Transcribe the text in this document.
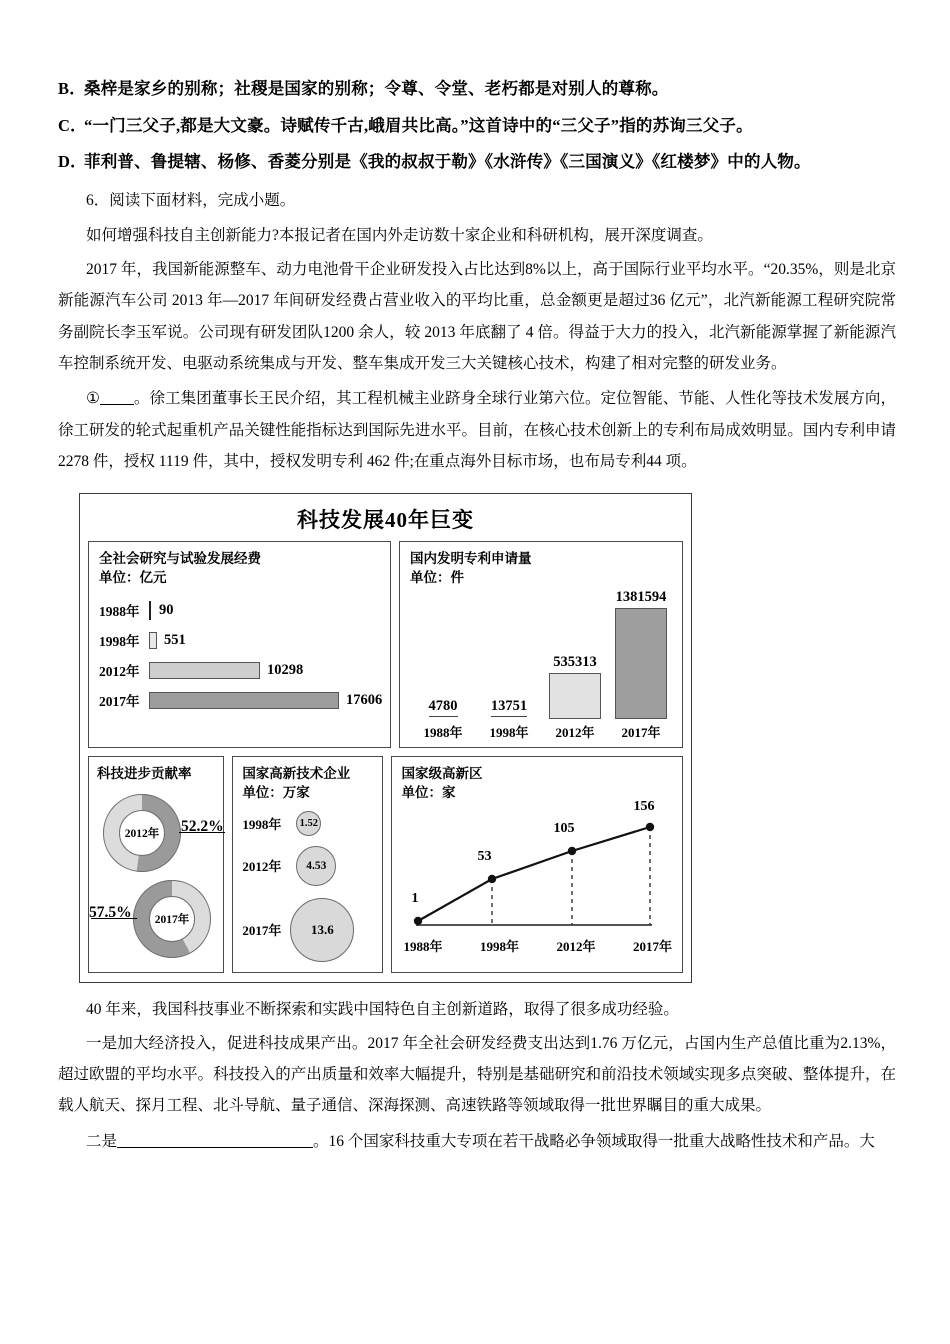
B．
桑梓是家乡的别称；社稷是国家的别称；令尊、令堂、老朽都是对别人的尊称。
C．
“一门三父子,都是大文豪。诗赋传千古,峨眉共比高。”这首诗中的“三父子”指的苏询三父子。
D．
菲利普、鲁提辖、杨修、香菱分别是《我的叔叔于勒》《水浒传》《三国演义》《红楼梦》中的人物。
6．阅读下面材料，完成小题。

如何增强科技自主创新能力?本报记者在国内外走访数十家企业和科研机构，展开深度调查。

2017 年，我国新能源整车、动力电池骨干企业研发投入占比达到8%以上，高于国际行业平均水平。“20.35%，则是北京新能源汽车公司 2013 年—2017 年间研发经费占营业收入的平均比重，总金额更是超过36 亿元”，北汽新能源工程研究院常务副院长李玉军说。公司现有研发团队1200 余人，较 2013 年底翻了 4 倍。得益于大力的投入，北汽新能源掌握了新能源汽车控制系统开发、电驱动系统集成与开发、整车集成开发三大关键核心技术，构建了相对完整的研发业务。

① 。徐工集团董事长王民介绍，其工程机械主业跻身全球行业第六位。定位智能、节能、人性化等技术发展方向，徐工研发的轮式起重机产品关键性能指标达到国际先进水平。目前，在核心技术创新上的专利布局成效明显。国内专利申请2278 件，授权 1119 件，其中，授权发明专利 462 件;在重点海外目标市场，也布局专利44 项。

科技发展40年巨变
全社会研究与试验发展经费
单位：亿元
1988年	90
1998年	551
2012年	10298
2017年	17606
国内发明专利申请量
单位：件
4780 13751
535313
1381594
1988年	1998年	2012年	2017年
科技进步贡献率
2012年	52.2%
2017年
57.5%
国家高新技术企业
单位：万家
1998年	1.52
2012年	4.53
2017年	13.6
国家级高新区
单位：家
1
53
105
156
1988年	1998年	2012年	2017年

40 年来，我国科技事业不断探索和实践中国特色自主创新道路，取得了很多成功经验。

一是加大经济投入，促进科技成果产出。2017 年全社会研发经费支出达到1.76 万亿元，占国内生产总值比重为2.13%，超过欧盟的平均水平。科技投入的产出质量和效率大幅提升，特别是基础研究和前沿技术领域实现多点突破、整体提升，在载人航天、探月工程、北斗导航、量子通信、深海探测、高速铁路等领域取得一批世界瞩目的重大成果。

二是	。16 个国家科技重大专项在若干战略必争领域取得一批重大战略性技术和产品。大
